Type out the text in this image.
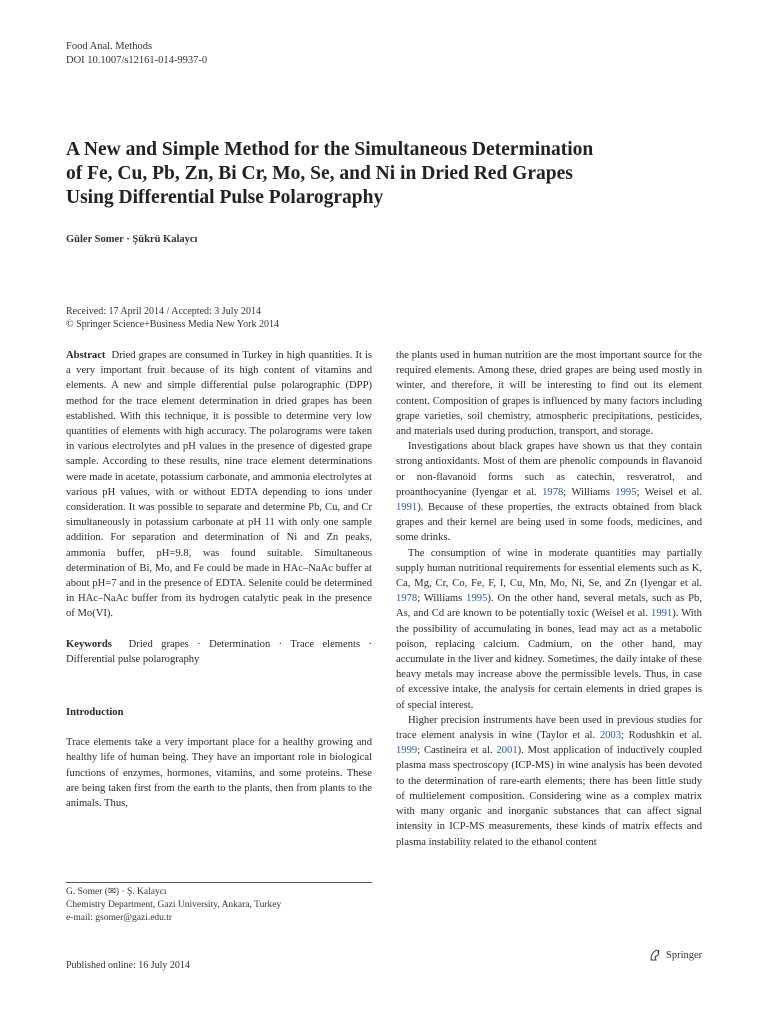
Food Anal. Methods
DOI 10.1007/s12161-014-9937-0
A New and Simple Method for the Simultaneous Determination
of Fe, Cu, Pb, Zn, Bi Cr, Mo, Se, and Ni in Dried Red Grapes
Using Differential Pulse Polarography
Güler Somer · Şükrü Kalaycı
Received: 17 April 2014 / Accepted: 3 July 2014
© Springer Science+Business Media New York 2014

Abstract Dried grapes are consumed in Turkey in high quantities. It is a very important fruit because of its high content of vitamins and elements. A new and simple differential pulse polarographic (DPP) method for the trace element determination in dried grapes has been established. With this technique, it is possible to determine very low quantities of elements with high accuracy. The polarograms were taken in various electrolytes and pH values in the presence of digested grape sample. According to these results, nine trace element determinations were made in acetate, potassium carbonate, and ammonia electrolytes at various pH values, with or without EDTA depending to ions under consideration. It was possible to separate and determine Pb, Cu, and Cr simultaneously in potassium carbonate at pH 11 with only one sample addition. For separation and determination of Ni and Zn peaks, ammonia buffer, pH=9.8, was found suitable. Simultaneous determination of Bi, Mo, and Fe could be made in HAc–NaAc buffer at about pH=7 and in the presence of EDTA. Selenite could be determined in HAc–NaAc buffer from its hydrogen catalytic peak in the presence of Mo(VI).

Keywords Dried grapes · Determination · Trace elements · Differential pulse polarography

Introduction

Trace elements take a very important place for a healthy growing and healthy life of human being. They have an important role in biological functions of enzymes, hormones, vitamins, and some proteins. These are being taken first from the earth to the plants, then from plants to the animals. Thus,

G. Somer (✉) · Ş. Kalaycı
Chemistry Department, Gazi University, Ankara, Turkey
e-mail: gsomer@gazi.edu.tr

the plants used in human nutrition are the most important source for the required elements. Among these, dried grapes are being used mostly in winter, and therefore, it will be interesting to find out its element content. Composition of grapes is influenced by many factors including grape varieties, soil chemistry, atmospheric precipitations, pesticides, and materials used during production, transport, and storage.

Investigations about black grapes have shown us that they contain strong antioxidants. Most of them are phenolic compounds in flavanoid or non-flavanoid forms such as catechin, resveratrol, and proanthocyanine (Iyengar et al. 1978; Williams 1995; Weisel et al. 1991). Because of these properties, the extracts obtained from black grapes and their kernel are being used in some foods, medicines, and some drinks.

The consumption of wine in moderate quantities may partially supply human nutritional requirements for essential elements such as K, Ca, Mg, Cr, Co, Fe, F, I, Cu, Mn, Mo, Ni, Se, and Zn (Iyengar et al. 1978; Williams 1995). On the other hand, several metals, such as Pb, As, and Cd are known to be potentially toxic (Weisel et al. 1991). With the possibility of accumulating in bones, lead may act as a metabolic poison, replacing calcium. Cadmium, on the other hand, may accumulate in the liver and kidney. Sometimes, the daily intake of these heavy metals may increase above the permissible levels. Thus, in case of excessive intake, the analysis for certain elements in dried grapes is of special interest.

Higher precision instruments have been used in previous studies for trace element analysis in wine (Taylor et al. 2003; Rodushkin et al. 1999; Castineira et al. 2001). Most application of inductively coupled plasma mass spectroscopy (ICP-MS) in wine analysis has been devoted to the determination of rare-earth elements; there has been little study of multielement composition. Considering wine as a complex matrix with many organic and inorganic substances that can affect signal intensity in ICP-MS measurements, these kinds of matrix effects and plasma instability related to the ethanol content

Published online: 16 July 2014
Springer
